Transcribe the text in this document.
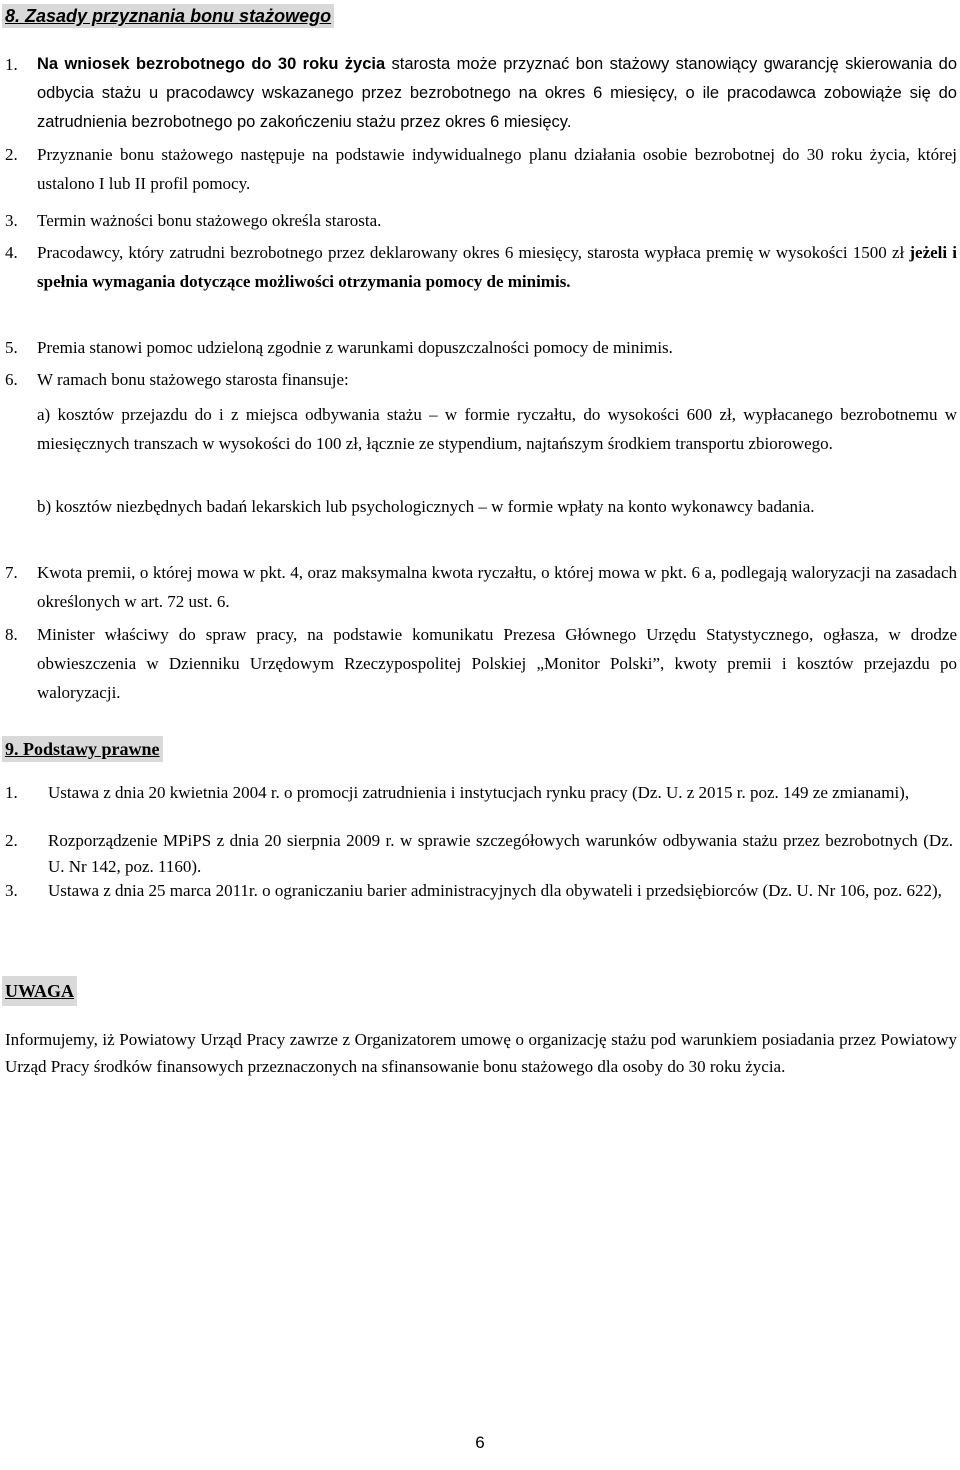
8. Zasady przyznania bonu stażowego
1.	Na wniosek bezrobotnego do 30 roku życia starosta może przyznać bon stażowy stanowiący gwarancję skierowania do odbycia stażu u pracodawcy wskazanego przez bezrobotnego na okres 6 miesięcy, o ile pracodawca zobowiąże się do zatrudnienia bezrobotnego po zakończeniu stażu przez okres 6 miesięcy.
2.	Przyznanie bonu stażowego następuje na podstawie indywidualnego planu działania osobie bezrobotnej do 30 roku życia, której ustalono I lub II profil pomocy.
3.	Termin ważności bonu stażowego określa starosta.
4.	Pracodawcy, który zatrudni bezrobotnego przez deklarowany okres 6 miesięcy, starosta wypłaca premię w wysokości 1500 zł jeżeli i spełnia wymagania dotyczące możliwości otrzymania pomocy de minimis.
5.	Premia stanowi pomoc udzieloną zgodnie z warunkami dopuszczalności pomocy de minimis.
6.	W ramach bonu stażowego starosta finansuje:
a) kosztów przejazdu do i z miejsca odbywania stażu – w formie ryczałtu, do wysokości 600 zł, wypłacanego bezrobotnemu w miesięcznych transzach w wysokości do 100 zł, łącznie ze stypendium, najtańszym środkiem transportu zbiorowego.
b) kosztów niezbędnych badań lekarskich lub psychologicznych – w formie wpłaty na konto wykonawcy badania.
7.	Kwota premii, o której mowa w pkt. 4, oraz maksymalna kwota ryczałtu, o której mowa w pkt. 6 a, podlegają waloryzacji na zasadach określonych w art. 72 ust. 6.
8.	Minister właściwy do spraw pracy, na podstawie komunikatu Prezesa Głównego Urzędu Statystycznego, ogłasza, w drodze obwieszczenia w Dzienniku Urzędowym Rzeczypospolitej Polskiej „Monitor Polski”, kwoty premii i kosztów przejazdu po waloryzacji.
9. Podstawy prawne
1. Ustawa z dnia 20 kwietnia 2004 r. o promocji zatrudnienia i instytucjach rynku pracy (Dz. U. z 2015 r. poz. 149 ze zmianami),
2. Rozporządzenie MPiPS z dnia 20 sierpnia 2009 r. w sprawie szczegółowych warunków odbywania stażu przez bezrobotnych (Dz. U. Nr 142, poz. 1160).
3. Ustawa z dnia 25 marca 2011r. o ograniczaniu barier administracyjnych dla obywateli i przedsiębiorców (Dz. U. Nr 106, poz. 622),
UWAGA
Informujemy, iż Powiatowy Urząd Pracy zawrze z Organizatorem umowę o organizację stażu pod warunkiem posiadania przez Powiatowy Urząd Pracy środków finansowych przeznaczonych na sfinansowanie bonu stażowego dla osoby do 30 roku życia.
6
